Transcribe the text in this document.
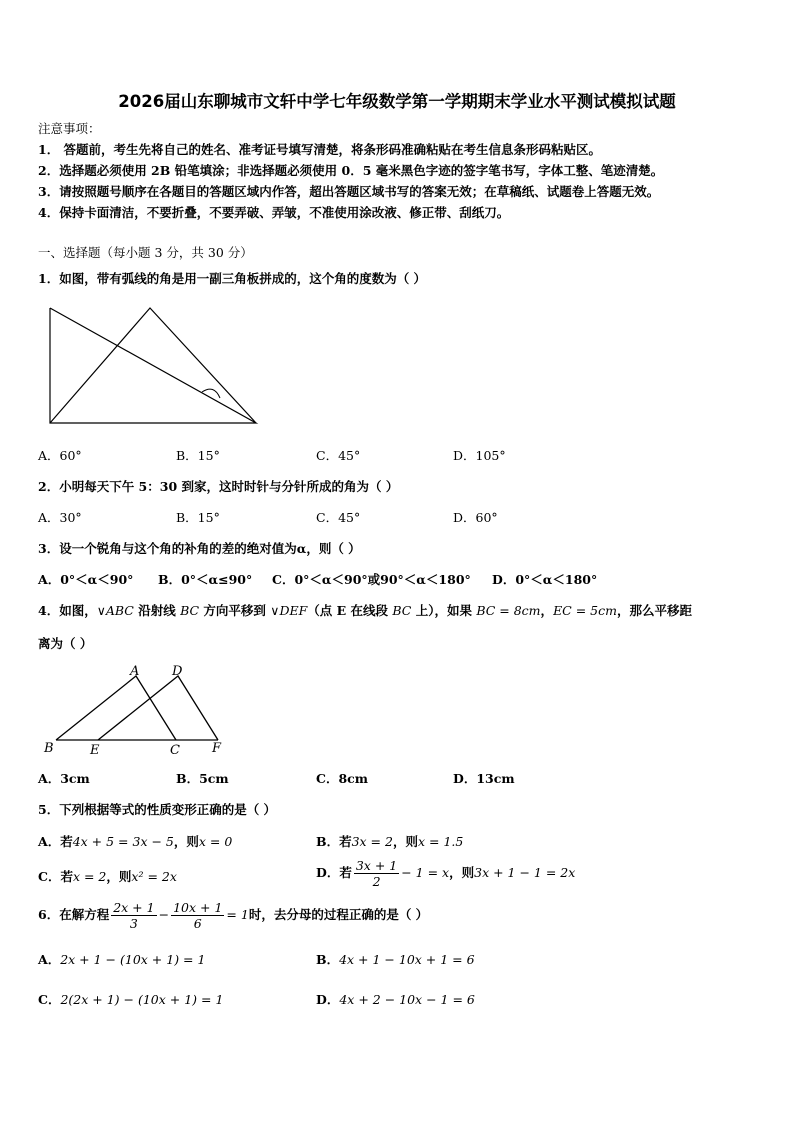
2026届山东聊城市文轩中学七年级数学第一学期期末学业水平测试模拟试题
注意事项：
1． 答题前，考生先将自己的姓名、准考证号填写清楚，将条形码准确粘贴在考生信息条形码粘贴区。
2．选择题必须使用 2B 铅笔填涂；非选择题必须使用 0．5 毫米黑色字迹的签字笔书写，字体工整、笔迹清楚。
3．请按照题号顺序在各题目的答题区域内作答，超出答题区域书写的答案无效；在草稿纸、试题卷上答题无效。
4．保持卡面清洁，不要折叠，不要弄破、弄皱，不准使用涂改液、修正带、刮纸刀。
一、选择题（每小题 3 分，共 30 分）
1．如图，带有弧线的角是用一副三角板拼成的，这个角的度数为（ ）
A．60°	B．15°	C．45°	D．105°
2．小明每天下午 5：30 到家，这时时针与分针所成的角为（ ）
A．30°	B．15°	C．45°	D．60°
3．设一个锐角与这个角的补角的差的绝对值为α，则（ ）
A．0°＜α＜90° B．0°＜α≤90° C．0°＜α＜90°或90°＜α＜180° D．0°＜α＜180°
4．如图，∨ABC 沿射线 BC 方向平移到 ∨DEF（点 E 在线段 BC 上），如果 BC = 8cm，EC = 5cm，那么平移距
离为（ ）
A	D
B	E	C F
A．3cm	B．5cm	C．8cm	D．13cm
5．下列根据等式的性质变形正确的是（ ）
A．若4x + 5 = 3x − 5，则x = 0	B．若3x = 2，则x = 1.5
C．若x = 2，则x² = 2x	D．若 $\frac{3x + 1}{2} - 1 = x$，则3x + 1 − 1 = 2x
6．在解方程 $\frac{2x + 1}{3} - \frac{10x + 1}{6} = 1$时，去分母的过程正确的是（ ）
A．2x + 1 − (10x + 1) = 1	B．4x + 1 − 10x + 1 = 6
C．2(2x + 1) − (10x + 1) = 1	D．4x + 2 − 10x − 1 = 6
